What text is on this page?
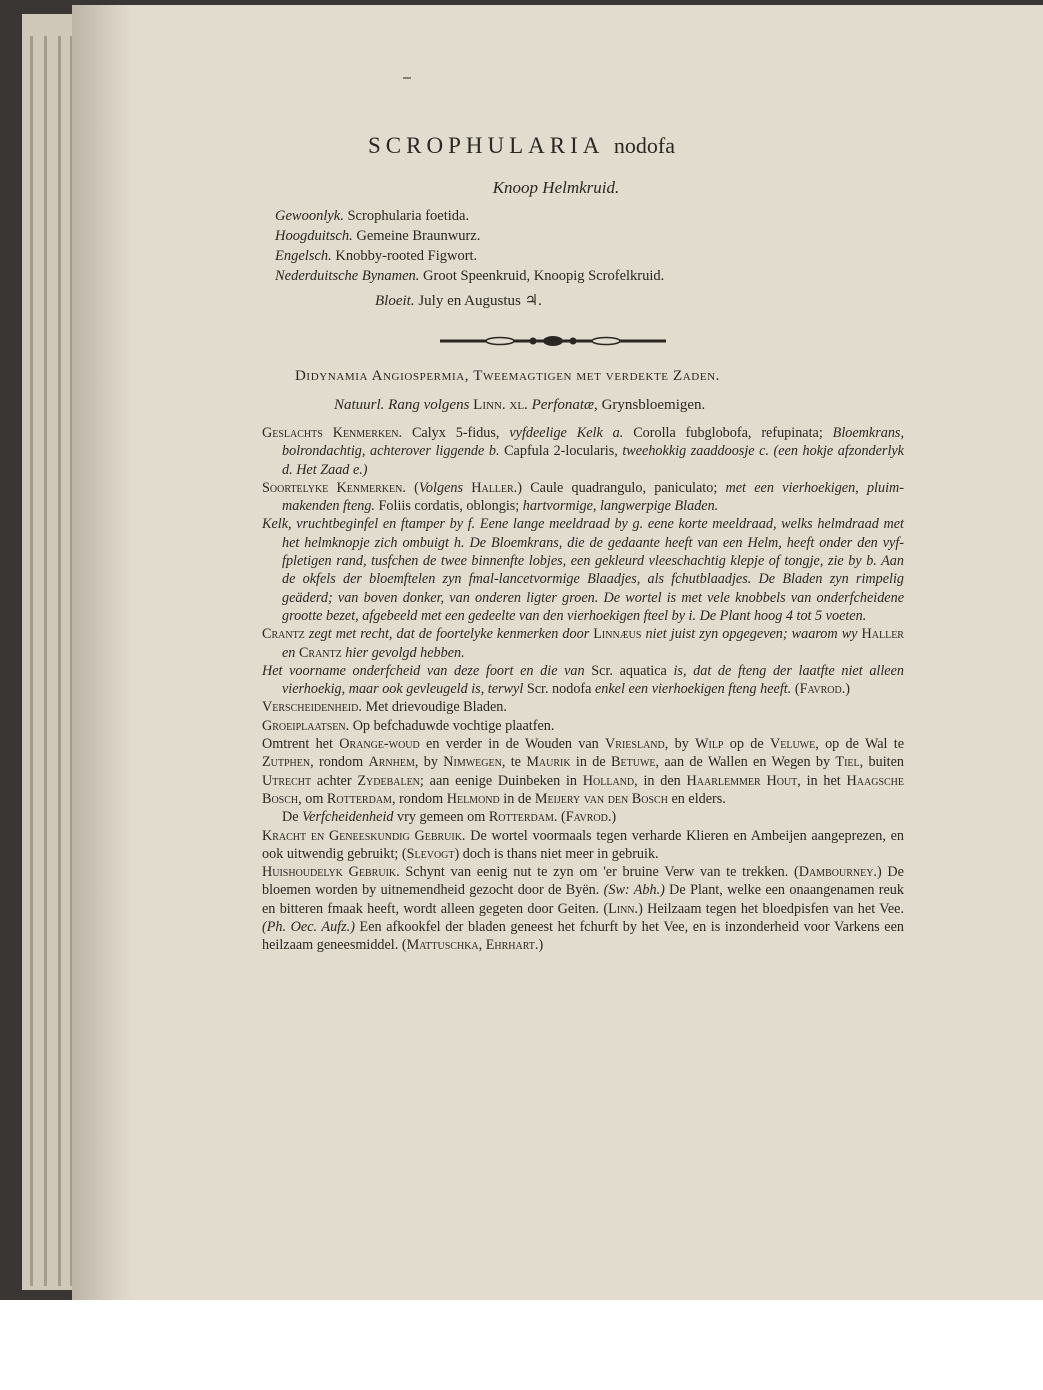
SCROPHULARIA nodofa
Knoop Helmkruid.
Gewoonlyk. Scrophularia foetida.
Hoogduitsch. Gemeine Braunwurz.
Engelsch. Knobby-rooted Figwort.
Nederduitsche Bynamen. Groot Speenkruid, Knoopig Scrofelkruid.
Bloeit. July en Augustus ♃.
Didynamia Angiospermia, Tweemagtigen met verdekte Zaden.
Natuurl. Rang volgens Linn. xl. Perfonatæ, Grynsbloemigen.

Geslachts Kenmerken. Calyx 5-fidus, vyfdeelige Kelk a. Corolla fubglobofa, refupinata; Bloemkrans, bolrondachtig, achterover liggende b. Capfula 2-locularis, tweehokkig zaaddoosje c. (een hokje afzonderlyk d. Het Zaad e.)

Soortelyke Kenmerken. (Volgens Haller.) Caule quadrangulo, paniculato; met een vierhoekigen, pluim-makenden fteng. Foliis cordatis, oblongis; hartvormige, langwerpige Bladen.

Kelk, vruchtbeginfel en ftamper by f. Eene lange meeldraad by g. eene korte meeldraad, welks helmdraad met het helmknopje zich ombuigt h. De Bloemkrans, die de gedaante heeft van een Helm, heeft onder den vyf-fpletigen rand, tusfchen de twee binnenfte lobjes, een gekleurd vleeschachtig klepje of tongje, zie by b. Aan de okfels der bloemftelen zyn fmal-lancetvormige Blaadjes, als fchutblaadjes. De Bladen zyn rimpelig geäderd; van boven donker, van onderen ligter groen. De wortel is met vele knobbels van onderfcheidene grootte bezet, afgebeeld met een gedeelte van den vierhoekigen fteel by i. De Plant hoog 4 tot 5 voeten.

Crantz zegt met recht, dat de foortelyke kenmerken door Linnæus niet juist zyn opgegeven; waarom wy Haller en Crantz hier gevolgd hebben.

Het voorname onderfcheid van deze foort en die van Scr. aquatica is, dat de fteng der laatfte niet alleen vierhoekig, maar ook gevleugeld is, terwyl Scr. nodofa enkel een vierhoekigen fteng heeft. (Favrod.)

Verscheidenheid. Met drievoudige Bladen.

Groeiplaatsen. Op befchaduwde vochtige plaatfen.

Omtrent het Orange-woud en verder in de Wouden van Vriesland, by Wilp op de Veluwe, op de Wal te Zutphen, rondom Arnhem, by Nimwegen, te Maurik in de Betuwe, aan de Wallen en Wegen by Tiel, buiten Utrecht achter Zydebalen; aan eenige Duinbeken in Holland, in den Haarlemmer Hout, in het Haagsche Bosch, om Rotterdam, rondom Helmond in de Meijery van den Bosch en elders.

De Verfcheidenheid vry gemeen om Rotterdam. (Favrod.)

Kracht en Geneeskundig Gebruik. De wortel voormaals tegen verharde Klieren en Ambeijen aangeprezen, en ook uitwendig gebruikt; (Slevogt) doch is thans niet meer in gebruik.

Huishoudelyk Gebruik. Schynt van eenig nut te zyn om 'er bruine Verw van te trekken. (Dambourney.) De bloemen worden by uitnemendheid gezocht door de Byën. (Sw: Abh.) De Plant, welke een onaangenamen reuk en bitteren fmaak heeft, wordt alleen gegeten door Geiten. (Linn.) Heilzaam tegen het bloedpisfen van het Vee. (Ph. Oec. Aufz.) Een afkookfel der bladen geneest het fchurft by het Vee, en is inzonderheid voor Varkens een heilzaam geneesmiddel. (Mattuschka, Ehrhart.)
